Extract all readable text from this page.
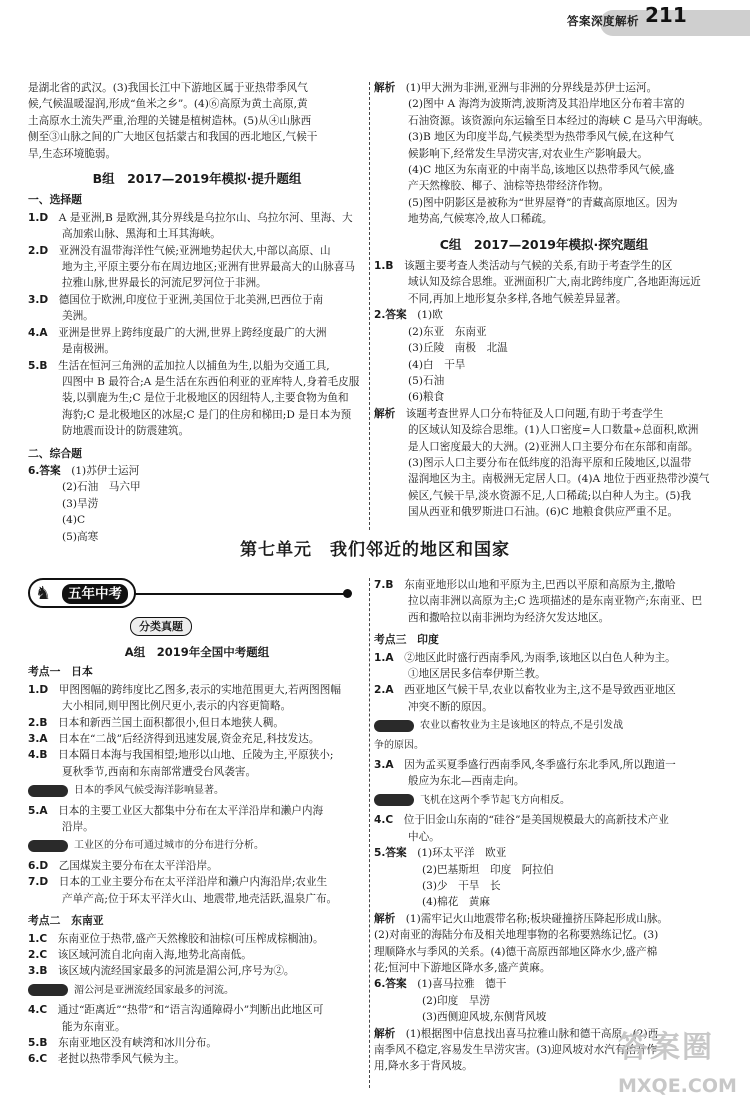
答案深度解析 211

是湖北省的武汉。(3)我国长江中下游地区属于亚热带季风气

候,气候温暖湿润,形成“鱼米之乡”。(4)⑥高原为黄土高原,黄

土高原水土流失严重,治理的关键是植树造林。(5)从④山脉西

侧至③山脉之间的广大地区包括蒙古和我国的西北地区,气候干

旱,生态环境脆弱。

B组　2017—2019年模拟·提升题组
一、选择题

1.D　 A 是亚洲,B 是欧洲,其分界线是乌拉尔山、乌拉尔河、里海、大

高加索山脉、黑海和土耳其海峡。

2.D　 亚洲没有温带海洋性气候;亚洲地势起伏大,中部以高原、山

地为主,平原主要分布在周边地区;亚洲有世界最高大的山脉喜马

拉雅山脉,世界最长的河流尼罗河位于非洲。

3.D　 德国位于欧洲,印度位于亚洲,美国位于北美洲,巴西位于南

美洲。

4.A　 亚洲是世界上跨纬度最广的大洲,世界上跨经度最广的大洲

是南极洲。

5.B　 生活在恒河三角洲的孟加拉人以捕鱼为生,以船为交通工具,

四图中 B 最符合;A 是生活在东西伯利亚的亚库特人,身着毛皮服

装,以驯鹿为生;C 是位于北极地区的因纽特人,主要食物为鱼和

海豹;C 是北极地区的冰屋;C 是门的住房和梯田;D 是日本为预

防地震而设计的防震建筑。

二、综合题

6.答案　 (1)苏伊士运河

(2)石油　马六甲

(3)旱涝

(4)C

(5)高寒

解析　 (1)甲大洲为非洲,亚洲与非洲的分界线是苏伊士运河。

(2)图中 A 海湾为波斯湾,波斯湾及其沿岸地区分布着丰富的

石油资源。该资源向东运输至日本经过的海峡 C 是马六甲海峡。

(3)B 地区为印度半岛,气候类型为热带季风气候,在这种气

候影响下,经常发生旱涝灾害,对农业生产影响最大。

(4)C 地区为东南亚的中南半岛,该地区以热带季风气候,盛

产天然橡胶、椰子、油棕等热带经济作物。

(5)图中阴影区是被称为“世界屋脊”的青藏高原地区。因为

地势高,气候寒冷,故人口稀疏。

C组　2017—2019年模拟·探究题组

1.B　 该题主要考查人类活动与气候的关系,有助于考查学生的区

域认知及综合思维。亚洲面积广大,南北跨纬度广,各地距海远近

不同,再加上地形复杂多样,各地气候差异显著。

2.答案　 (1)欧

(2)东亚　东南亚

(3)丘陵　南极　北温

(4)白　干旱

(5)石油

(6)粮食

解析　 该题考查世界人口分布特征及人口问题,有助于考查学生

的区域认知及综合思维。(1)人口密度=人口数量÷总面积,欧洲

是人口密度最大的大洲。(2)亚洲人口主要分布在东部和南部。

(3)图示人口主要分布在低纬度的沿海平原和丘陵地区,以温带

湿润地区为主。南极洲无定居人口。(4)A 地位于西亚热带沙漠气

候区,气候干旱,淡水资源不足,人口稀疏;以白种人为主。(5)我

国从西亚和俄罗斯进口石油。(6)C 地粮食供应严重不足。

第七单元　我们邻近的地区和国家
♞	五年中考
分类真题
A组　2019年全国中考题组
考点一　日本

1.D　 甲图图幅的跨纬度比乙图多,表示的实地范围更大,若两图图幅

大小相同,则甲图比例尺更小,表示的内容更简略。

2.B　 日本和新西兰国土面积都很小,但日本地狭人稠。

3.A　 日本在“二战”后经济得到迅速发展,资金充足,科技发达。

4.B　 日本隔日本海与我国相望;地形以山地、丘陵为主,平原狭小;

夏秋季节,西南和东南部常遭受台风袭害。

日本的季风气候受海洋影响显著。

5.A　 日本的主要工业区大都集中分布在太平洋沿岸和濑户内海

沿岸。

工业区的分布可通过城市的分布进行分析。

6.D　 乙国煤炭主要分布在太平洋沿岸。

7.D　 日本的工业主要分布在太平洋沿岸和濑户内海沿岸;农业生

产单产高;位于环太平洋火山、地震带,地壳活跃,温泉广布。

考点二　东南亚

1.C　 东南亚位于热带,盛产天然橡胶和油棕(可压榨成棕榈油)。

2.C　 该区域河流自北向南入海,地势北高南低。

3.B　 该区域内流经国家最多的河流是湄公河,序号为②。

湄公河是亚洲流经国家最多的河流。

4.C　 通过“距离近”“热带”和“语言沟通障碍小”判断出此地区可

能为东南亚。

5.B　 东南亚地区没有峡湾和冰川分布。

6.C　 老挝以热带季风气候为主。

7.B　 东南亚地形以山地和平原为主,巴西以平原和高原为主,撒哈

拉以南非洲以高原为主;C 选项描述的是东南亚物产;东南亚、巴

西和撒哈拉以南非洲均为经济欠发达地区。

考点三　印度

1.A　 ②地区此时盛行西南季风,为雨季,该地区以白色人种为主。

①地区居民多信奉伊斯兰教。

2.A　 西亚地区气候干旱,农业以畜牧业为主,这不是导致西亚地区

冲突不断的原因。

农业以畜牧业为主是该地区的特点,不是引发战

争的原因。

3.A　 因为孟买夏季盛行西南季风,冬季盛行东北季风,所以跑道一

般应为东北—西南走向。

飞机在这两个季节起飞方向相反。

4.C　 位于旧金山东南的“硅谷”是美国规模最大的高新技术产业

中心。

5.答案　 (1)环太平洋　欧亚

(2)巴基斯坦　印度　阿拉伯

(3)少　干旱　长

(4)棉花　黄麻

解析　 (1)需牢记火山地震带名称;板块碰撞挤压降起形成山脉。

(2)对南亚的海陆分布及相关地理事物的名称要熟练记忆。(3)

理顺降水与季风的关系。(4)德干高原西部地区降水少,盛产棉

花;恒河中下游地区降水多,盛产黄麻。

6.答案　 (1)喜马拉雅　德干

(2)印度　旱涝

(3)西侧迎风坡,东侧背风坡

解析　 (1)根据图中信息找出喜马拉雅山脉和德干高原。(2)西

南季风不稳定,容易发生旱涝灾害。(3)迎风坡对水汽有抬升作

用,降水多于背风坡。

答案圈
MXQE.COM
